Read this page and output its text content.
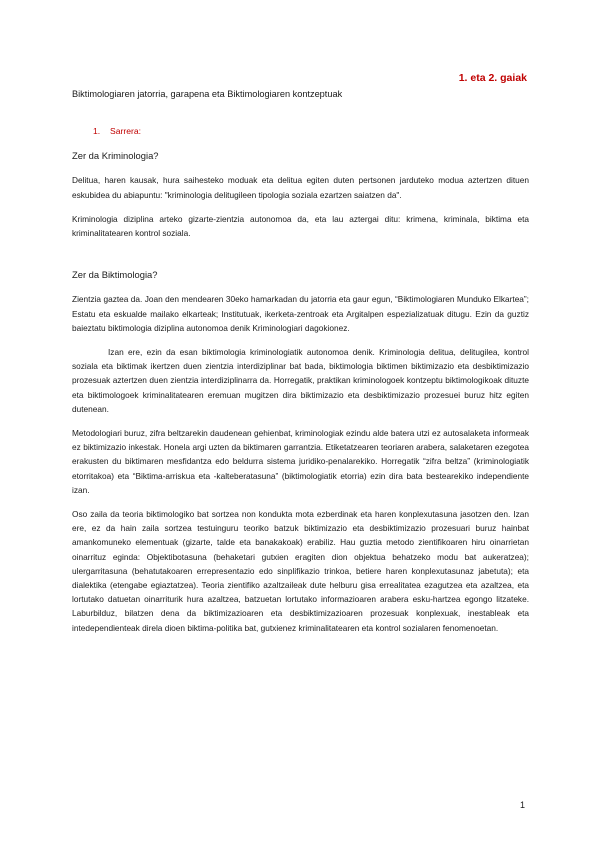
1. eta 2. gaiak
Biktimologiaren jatorria, garapena eta Biktimologiaren kontzeptuak
1. Sarrera:
Zer da Kriminologia?

Delitua, haren kausak, hura saihesteko moduak eta delitua egiten duten pertsonen jarduteko modua aztertzen dituen eskubidea du abiapuntu: "kriminologia delitugileen tipologia soziala ezartzen saiatzen da".

Kriminologia diziplina arteko gizarte-zientzia autonomoa da, eta lau aztergai ditu: krimena, kriminala, biktima eta kriminalitatearen kontrol soziala.

Zer da Biktimologia?

Zientzia gaztea da. Joan den mendearen 30eko hamarkadan du jatorria eta gaur egun, “Biktimologiaren Munduko Elkartea”; Estatu eta eskualde mailako elkarteak; Institutuak, ikerketa-zentroak eta Argitalpen espezializatuak ditugu. Ezin da guztiz baieztatu biktimologia diziplina autonomoa denik Kriminologiari dagokionez.

Izan ere, ezin da esan biktimologia kriminologiatik autonomoa denik. Kriminologia delitua, delitugilea, kontrol soziala eta biktimak ikertzen duen zientzia interdiziplinar bat bada, biktimologia biktimen biktimizazio eta desbiktimizazio prozesuak aztertzen duen zientzia interdiziplinarra da. Horregatik, praktikan kriminologoek kontzeptu biktimologikoak dituzte eta biktimologoek kriminalitatearen eremuan mugitzen dira biktimizazio eta desbiktimizazio prozesuei buruz hitz egiten dutenean.

Metodologiari buruz, zifra beltzarekin daudenean gehienbat, kriminologiak ezindu alde batera utzi ez autosalaketa informeak ez biktimizazio inkestak. Honela argi uzten da biktimaren garrantzia. Etiketatzearen teoriaren arabera, salaketaren ezegotea erakusten du biktimaren mesfidantza edo beldurra sistema juridiko-penalarekiko. Horregatik “zifra beltza” (kriminologiatik etorritakoa) eta “Biktima-arriskua eta -kalteberatasuna” (biktimologiatik etorria) ezin dira bata bestearekiko independiente izan.

Oso zaila da teoria biktimologiko bat sortzea non kondukta mota ezberdinak eta haren konplexutasuna jasotzen den. Izan ere, ez da hain zaila sortzea testuinguru teoriko batzuk biktimizazio eta desbiktimizazio prozesuari buruz hainbat amankomuneko elementuak (gizarte, talde eta banakakoak) erabiliz. Hau guztia metodo zientifikoaren hiru oinarrietan oinarrituz eginda: Objektibotasuna (behaketari gutxien eragiten dion objektua behatzeko modu bat aukeratzea); ulergarritasuna (behatutakoaren errepresentazio edo sinplifikazio trinkoa, betiere haren konplexutasunaz jabetuta); eta dialektika (etengabe egiaztatzea). Teoria zientifiko azaltzaileak dute helburu gisa errealitatea ezagutzea eta azaltzea, eta lortutako datuetan oinarriturik hura azaltzea, batzuetan lortutako informazioaren arabera esku-hartzea egongo litzateke. Laburbilduz, bilatzen dena da biktimizazioaren eta desbiktimizazioaren prozesuak konplexuak, inestableak eta intedependienteak direla dioen biktima-politika bat, gutxienez kriminalitatearen eta kontrol sozialaren fenomenoetan.

1
